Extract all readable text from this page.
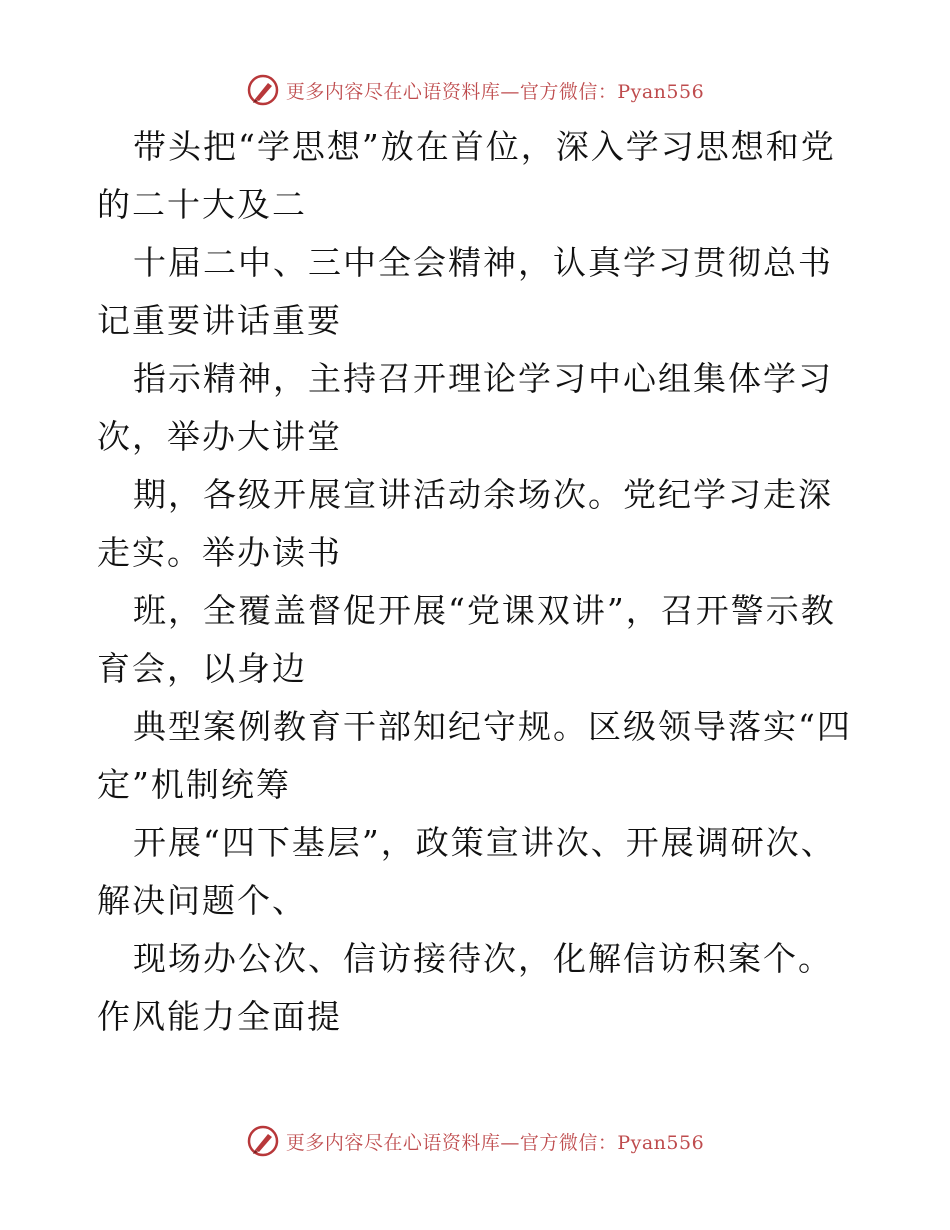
更多内容尽在心语资料库—官方微信：Pyan556

带头把“学思想”放在首位，深入学习思想和党的二十大及二

十届二中、三中全会精神，认真学习贯彻总书记重要讲话重要

指示精神，主持召开理论学习中心组集体学习次，举办大讲堂

期，各级开展宣讲活动余场次。党纪学习走深走实。举办读书

班，全覆盖督促开展“党课双讲”，召开警示教育会，以身边

典型案例教育干部知纪守规。区级领导落实“四定”机制统筹

开展“四下基层”，政策宣讲次、开展调研次、解决问题个、

现场办公次、信访接待次，化解信访积案个。作风能力全面提

更多内容尽在心语资料库—官方微信：Pyan556
